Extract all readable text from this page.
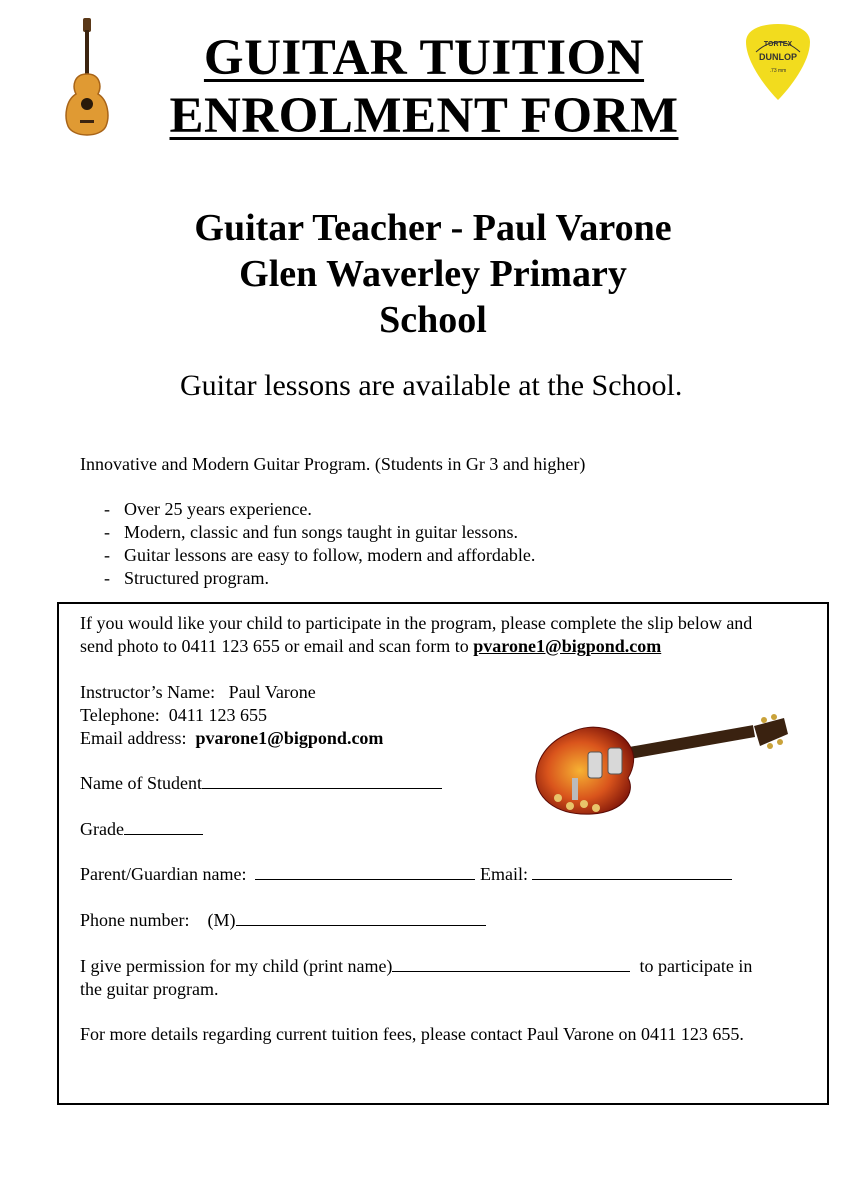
TORTEX
DUNLOP
.73 mm
GUITAR TUITION
ENROLMENT FORM
Guitar Teacher - Paul Varone
Glen Waverley Primary
School
Guitar lessons are available at the School.
Innovative and Modern Guitar Program. (Students in Gr 3 and higher)
- Over 25 years experience.
- Modern, classic and fun songs taught in guitar lessons.
- Guitar lessons are easy to follow, modern and affordable.
- Structured program.
If you would like your child to participate in the program, please complete the slip below and
send photo to 0411 123 655 or email and scan form to pvarone1@bigpond.com
Instructor’s Name: Paul Varone
Telephone: 0411 123 655
Email address: pvarone1@bigpond.com
Name of Student
Grade
Parent/Guardian name:	Email:
Phone number: (M)
I give permission for my child (print name)	to participate in
the guitar program.
For more details regarding current tuition fees, please contact Paul Varone on 0411 123 655.
